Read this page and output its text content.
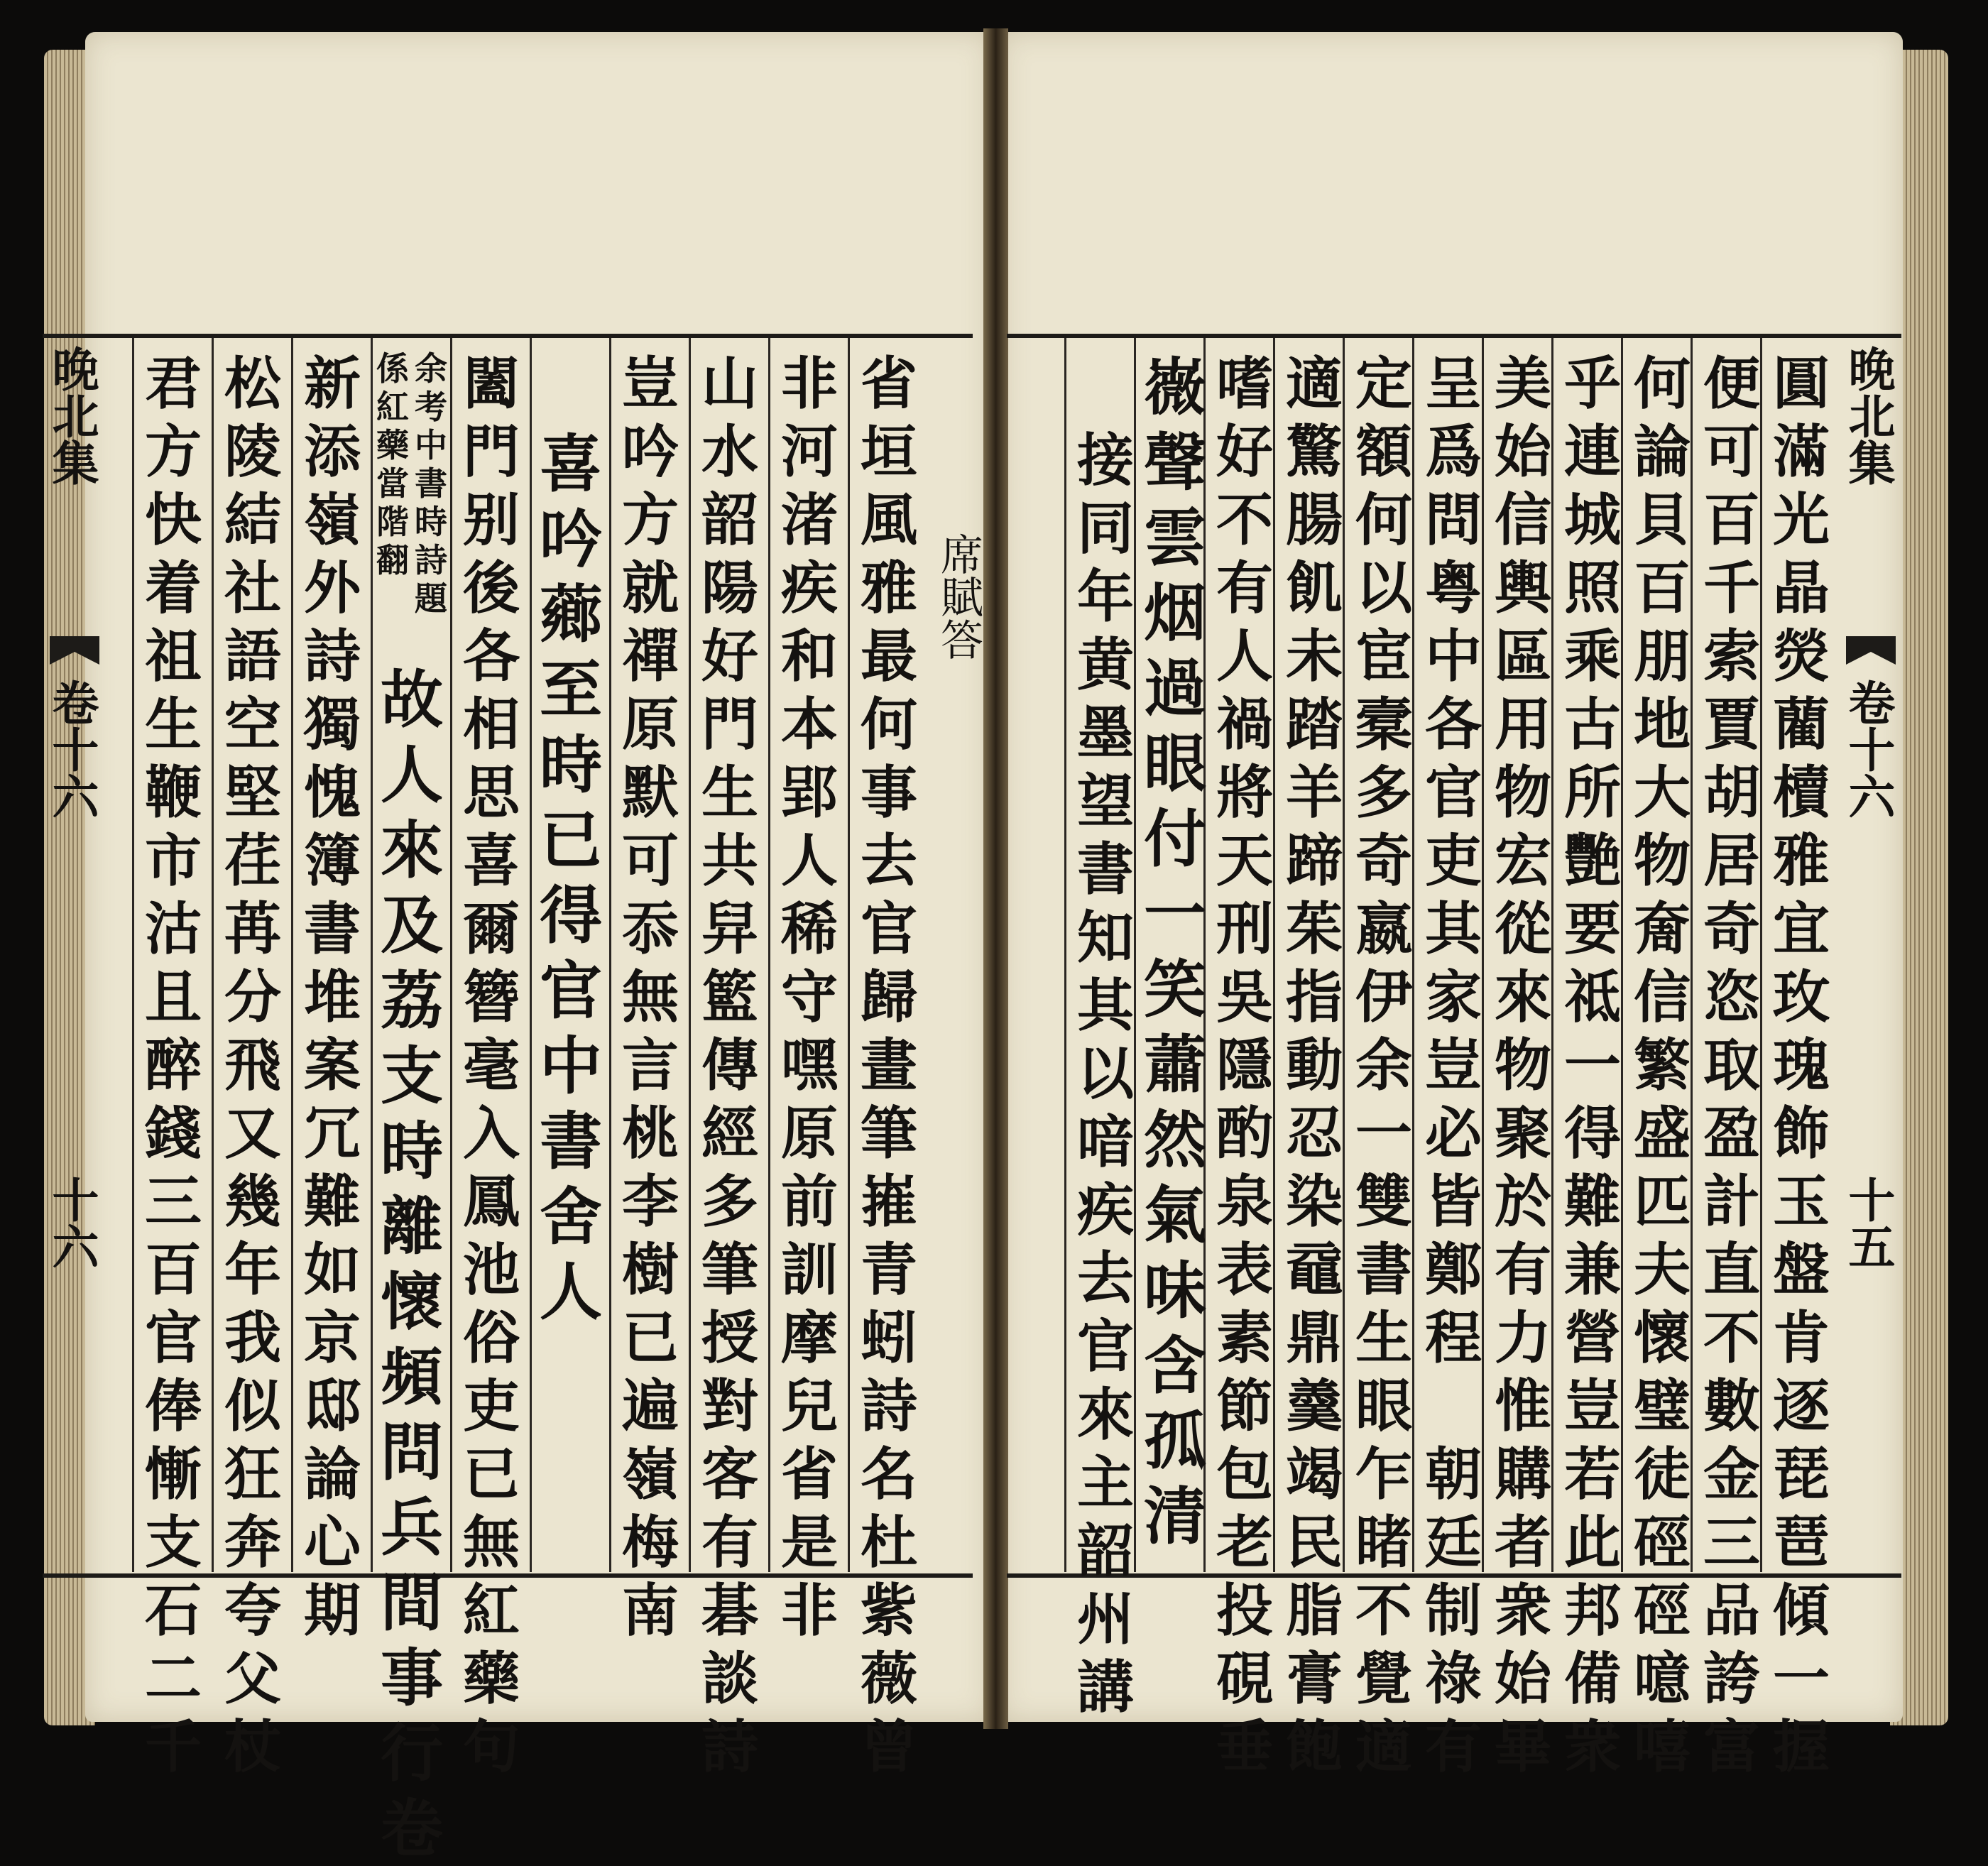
省
垣
風
雅
最
何
事
去
官
歸
畫
筆
嶊
青
蚓
詩
名
杜
紫
薇
曾
非
河
渚
疾
和
本
郢
人
稀
守
嘿
原
前
訓
摩
兒
省
是
非
山
水
韶
陽
好
門
生
共
舁
籃
傳
經
多
筆
授
對
客
有
碁
談
詩
豈
吟
方
就
禪
原
默
可
忝
無
言
桃
李
樹
已
遍
嶺
梅
南
喜
吟
薌
至
時
已
得
官
中
書
舍
人
闔
門
别
後
各
相
思
喜
爾
簪
毫
入
鳳
池
俗
吏
已
無
紅
藥
句
係
紅
藥
當
階
翻
余
考
中
書
時
詩
題
故
人
來
及
荔
支
時
離
懷
頻
問
兵
間
事
行
卷
新
添
嶺
外
詩
獨
愧
簿
書
堆
案
冗
難
如
京
邸
論
心
期
松
陵
結
社
語
空
堅
荏
苒
分
飛
又
幾
年
我
似
狂
奔
夸
父
杖
君
方
快
着
祖
生
鞭
市
沽
且
醉
錢
三
百
官
俸
慚
支
石
二
千
圓
滿
光
晶
熒
藺
櫝
雅
宜
玫
瑰
飾
玉
盤
肯
逐
琵
琶
傾
一
握
便
可
百
千
索
賈
胡
居
奇
恣
取
盈
計
直
不
數
金
三
品
誇
富
何
論
貝
百
朋
地
大
物
奝
信
繁
盛
匹
夫
懷
璧
徒
硜
硜
噫
嘻
乎
連
城
照
乘
古
所
艷
要
祗
一
得
難
兼
營
豈
若
此
邦
備
衆
美
始
信
輿
區
用
物
宏
從
來
物
聚
於
有
力
惟
購
者
衆
始
畢
呈
爲
問
粤
中
各
官
吏
其
家
豈
必
皆
鄭
程

朝
廷
制
祿
有
定
額
何
以
宦
槖
多
奇
嬴
伊
余
一
雙
書
生
眼
乍
睹
不
覺
適
適
驚
腸
飢
未
踏
羊
蹄
茱
指
動
忍
染
黿
鼎
羹
竭
民
脂
膏
飽
嗜
好
不
有
人
禍
將
天
刑
吳
隱
酌
泉
表
素
節
包
老
投
硯
垂
嶶
聲
雲
烟
過
眼
付
一
笑
蕭
然
氣
味
含
孤
清
接
同
年
黄
墨
望
書
知
其
以
喑
疾
去
官
來
主
韶
州
講
晚北集
卷十六
十六
晚北集
卷十六
十五
席賦答
